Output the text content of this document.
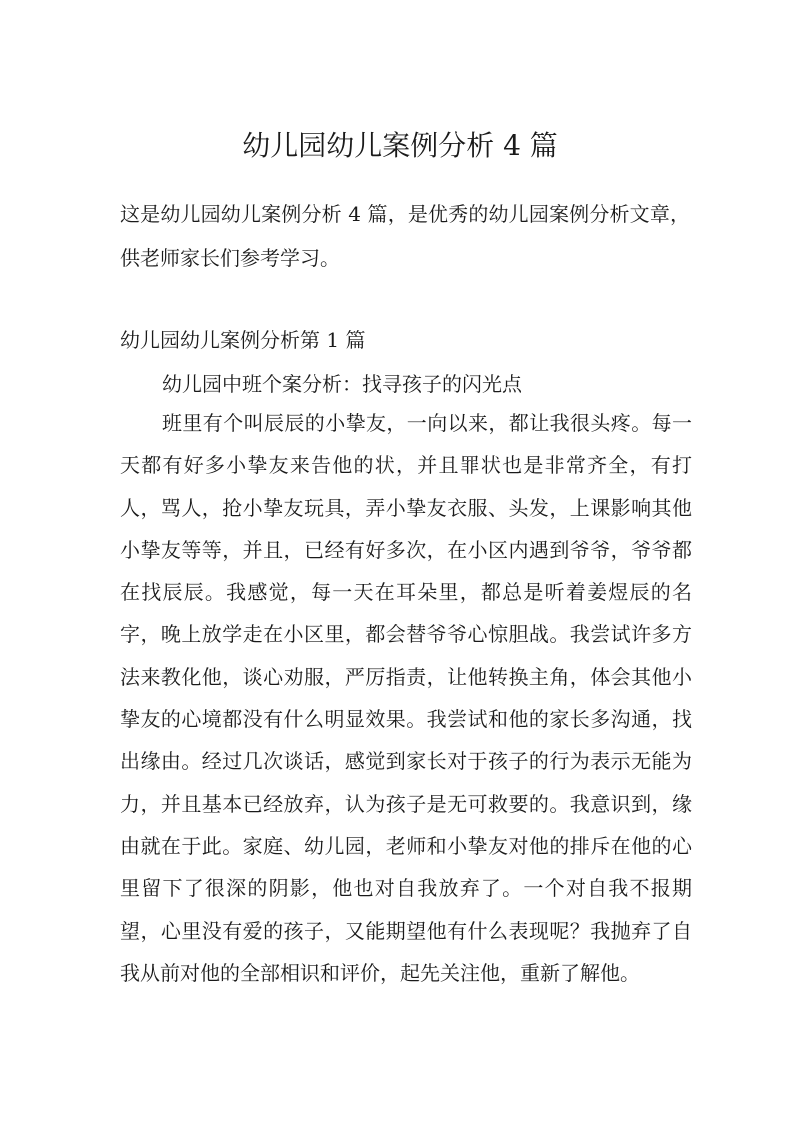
幼儿园幼儿案例分析 4 篇

这是幼儿园幼儿案例分析 4 篇，是优秀的幼儿园案例分析文章，供老师家长们参考学习。

幼儿园幼儿案例分析第 1 篇

幼儿园中班个案分析：找寻孩子的闪光点

班里有个叫辰辰的小挚友，一向以来，都让我很头疼。每一天都有好多小挚友来告他的状，并且罪状也是非常齐全，有打人，骂人，抢小挚友玩具，弄小挚友衣服、头发，上课影响其他小挚友等等，并且，已经有好多次，在小区内遇到爷爷，爷爷都在找辰辰。我感觉，每一天在耳朵里，都总是听着姜煜辰的名字，晚上放学走在小区里，都会替爷爷心惊胆战。我尝试许多方法来教化他，谈心劝服，严厉指责，让他转换主角，体会其他小挚友的心境都没有什么明显效果。我尝试和他的家长多沟通，找出缘由。经过几次谈话，感觉到家长对于孩子的行为表示无能为力，并且基本已经放弃，认为孩子是无可救要的。我意识到，缘由就在于此。家庭、幼儿园，老师和小挚友对他的排斥在他的心里留下了很深的阴影，他也对自我放弃了。一个对自我不报期望，心里没有爱的孩子，又能期望他有什么表现呢？我抛弃了自我从前对他的全部相识和评价，起先关注他，重新了解他。
